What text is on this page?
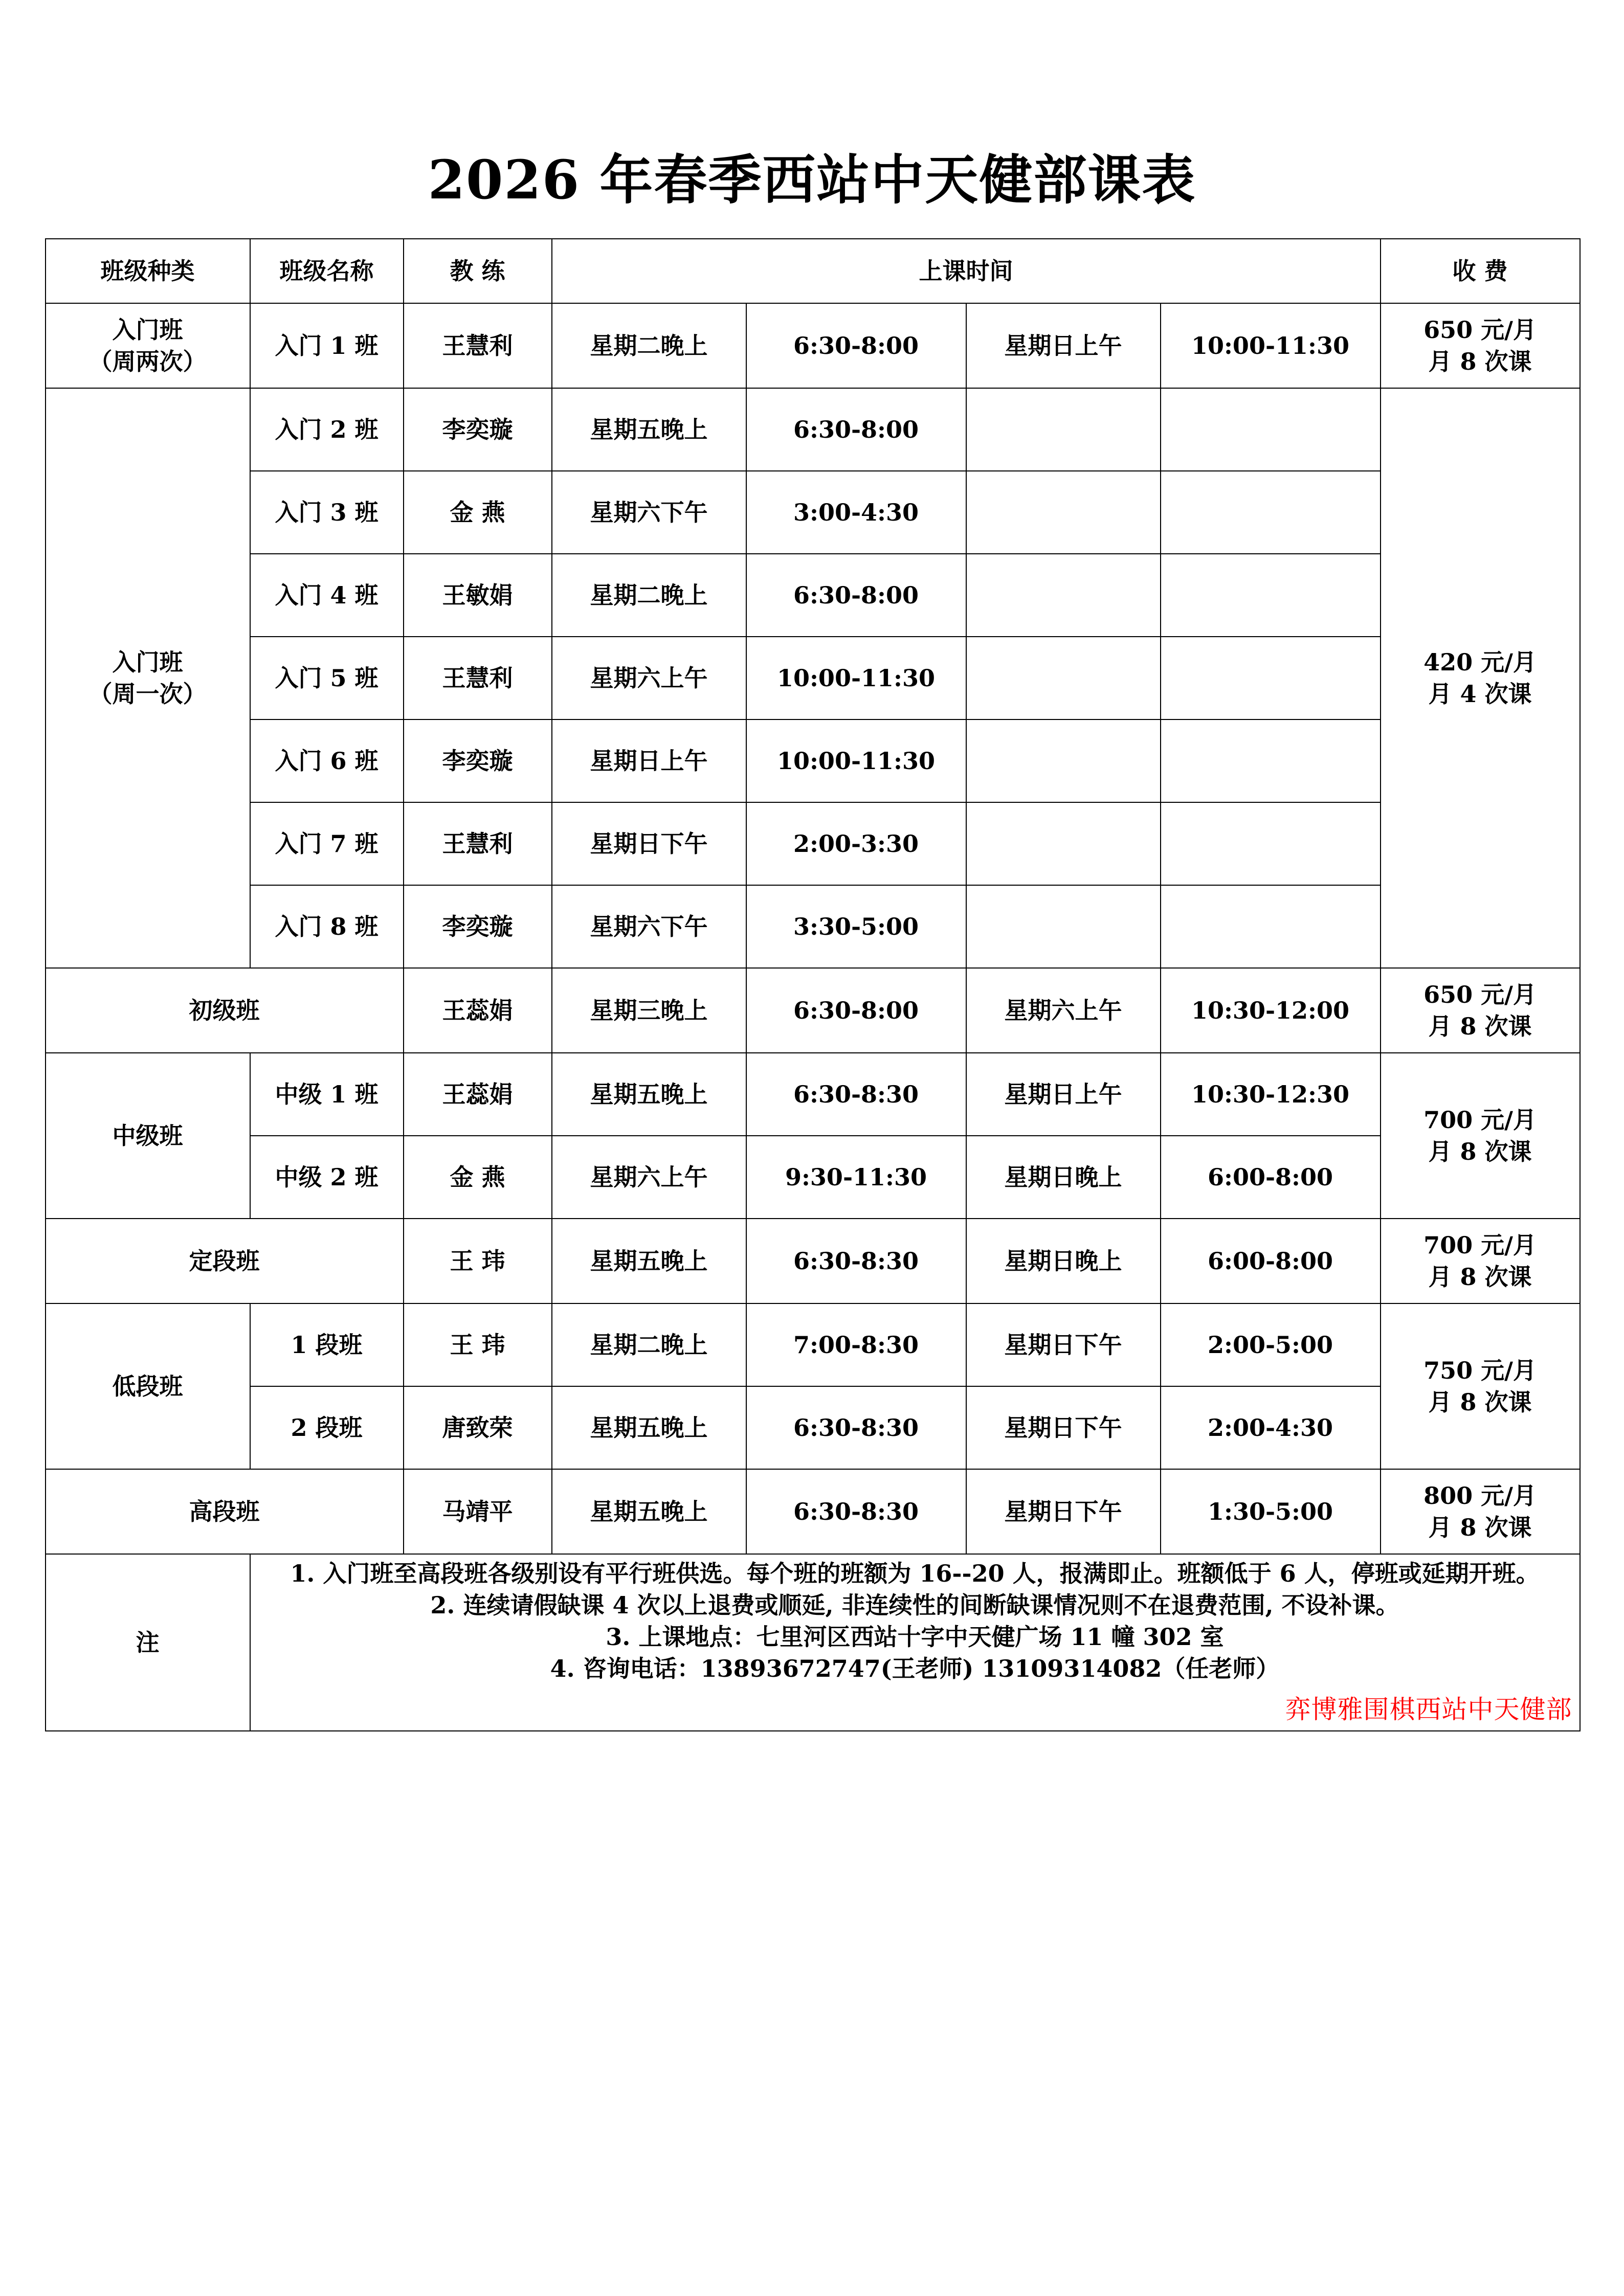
2026 年春季西站中天健部课表
班级种类	班级名称	教 练	上课时间				收 费
入门班
（周两次）	入门 1 班	王慧利	星期二晚上	6:30-8:00	星期日上午	10:00-11:30	650 元/月
月 8 次课
入门班
（周一次）	入门 2 班	李奕璇	星期五晚上	6:30-8:00			420 元/月
月 4 次课
	入门 3 班	金 燕	星期六下午	3:00-4:30			
	入门 4 班	王敏娟	星期二晚上	6:30-8:00			
	入门 5 班	王慧利	星期六上午	10:00-11:30			
	入门 6 班	李奕璇	星期日上午	10:00-11:30			
	入门 7 班	王慧利	星期日下午	2:00-3:30			
	入门 8 班	李奕璇	星期六下午	3:30-5:00			
初级班		王蕊娟	星期三晚上	6:30-8:00	星期六上午	10:30-12:00	650 元/月
月 8 次课
中级班	中级 1 班	王蕊娟	星期五晚上	6:30-8:30	星期日上午	10:30-12:30	700 元/月
月 8 次课
	中级 2 班	金 燕	星期六上午	9:30-11:30	星期日晚上	6:00-8:00	
定段班		王 玮	星期五晚上	6:30-8:30	星期日晚上	6:00-8:00	700 元/月
月 8 次课
低段班	1 段班	王 玮	星期二晚上	7:00-8:30	星期日下午	2:00-5:00	750 元/月
月 8 次课
	2 段班	唐致荣	星期五晚上	6:30-8:30	星期日下午	2:00-4:30	
高段班		马靖平	星期五晚上	6:30-8:30	星期日下午	1:30-5:00	800 元/月
月 8 次课
注	1. 入门班至高段班各级别设有平行班供选。每个班的班额为 16--20 人，报满即止。班额低于 6 人，停班或延期开班。
2. 连续请假缺课 4 次以上退费或顺延, 非连续性的间断缺课情况则不在退费范围, 不设补课。
3. 上课地点：七里河区西站十字中天健广场 11 幢 302 室
4. 咨询电话：13893672747(王老师) 13109314082（任老师）
弈博雅围棋西站中天健部						
